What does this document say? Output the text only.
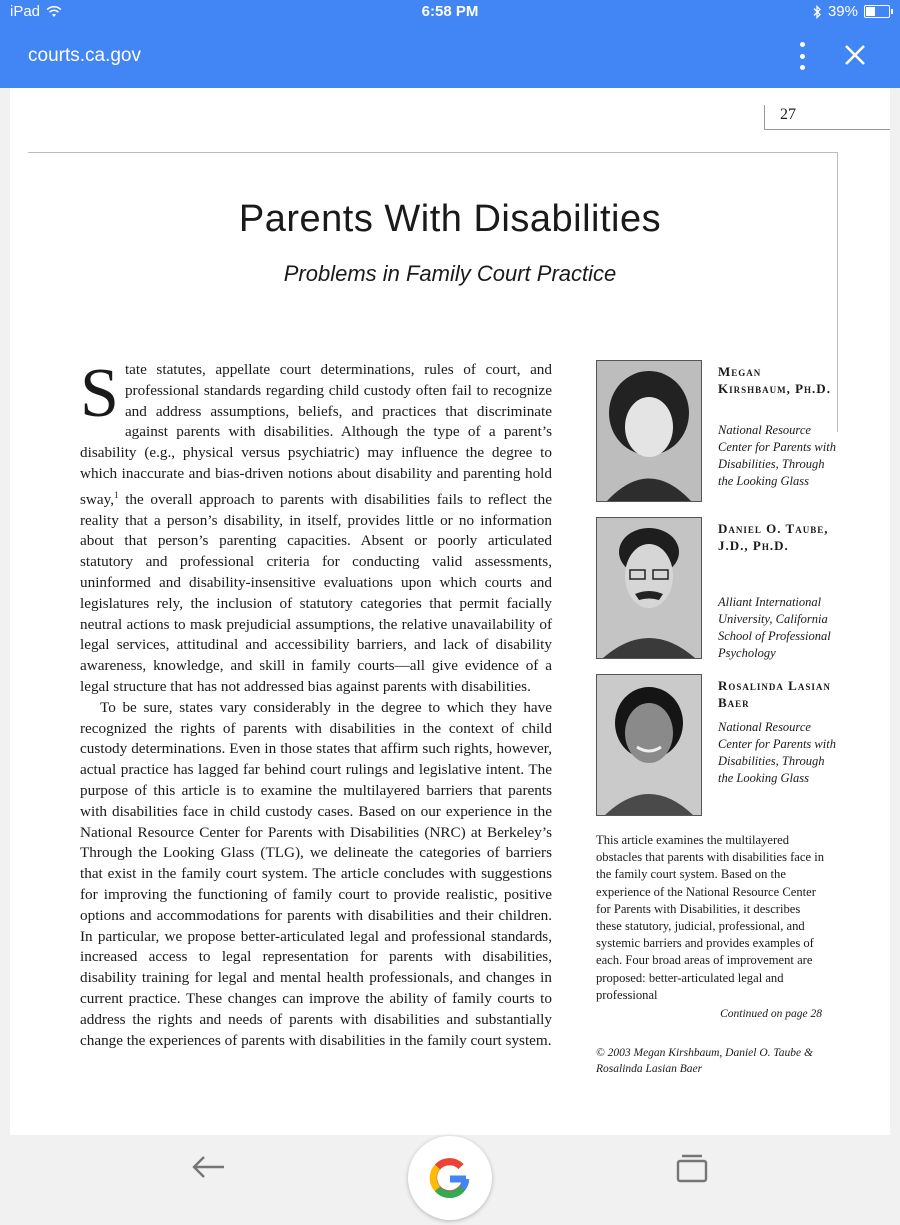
iPad	6:58 PM	39%
courts.ca.gov
27
Parents With Disabilities
Problems in Family Court Practice

State statutes, appellate court determinations, rules of court, and professional standards regarding child custody often fail to recognize and address assumptions, beliefs, and practices that discriminate against parents with disabilities. Although the type of a parent’s disability (e.g., physical versus psychiatric) may influence the degree to which inaccurate and bias-driven notions about disability and parenting hold sway,$^1$ the overall approach to parents with disabilities fails to reflect the reality that a person’s disability, in itself, provides little or no information about that person’s parenting capacities. Absent or poorly articulated statutory and professional criteria for conducting valid assessments, uninformed and disability-insensitive evaluations upon which courts and legislatures rely, the inclusion of statutory categories that permit facially neutral actions to mask prejudicial assumptions, the relative unavailability of legal services, attitudinal and accessibility barriers, and lack of disability awareness, knowledge, and skill in family courts—all give evidence of a legal structure that has not addressed bias against parents with disabilities.

To be sure, states vary considerably in the degree to which they have recognized the rights of parents with disabilities in the context of child custody determinations. Even in those states that affirm such rights, however, actual practice has lagged far behind court rulings and legislative intent. The purpose of this article is to examine the multilayered barriers that parents with disabilities face in child custody cases. Based on our experience in the National Resource Center for Parents with Disabilities (NRC) at Berkeley’s Through the Looking Glass (TLG), we delineate the categories of barriers that exist in the family court system. The article concludes with suggestions for improving the functioning of family court to provide realistic, positive options and accommodations for parents with disabilities and their children. In particular, we propose better-articulated legal and professional standards, increased access to legal representation for parents with disabilities, disability training for legal and mental health professionals, and changes in current practice. These changes can improve the ability of family courts to address the rights and needs of parents with disabilities and substantially change the experiences of parents with disabilities in the family court system.

Megan Kirshbaum, Ph.D.
National Resource Center for Parents with Disabilities, Through the Looking Glass
Daniel O. Taube, J.D., Ph.D.
Alliant International University, California School of Professional Psychology
Rosalinda Lasian Baer
National Resource Center for Parents with Disabilities, Through the Looking Glass
This article examines the multilayered obstacles that parents with disabilities face in the family court system. Based on the experience of the National Resource Center for Parents with Disabilities, it describes these statutory, judicial, professional, and systemic barriers and provides examples of each. Four broad areas of improvement are proposed: better-articulated legal and professional
Continued on page 28
© 2003 Megan Kirshbaum, Daniel O. Taube & Rosalinda Lasian Baer
